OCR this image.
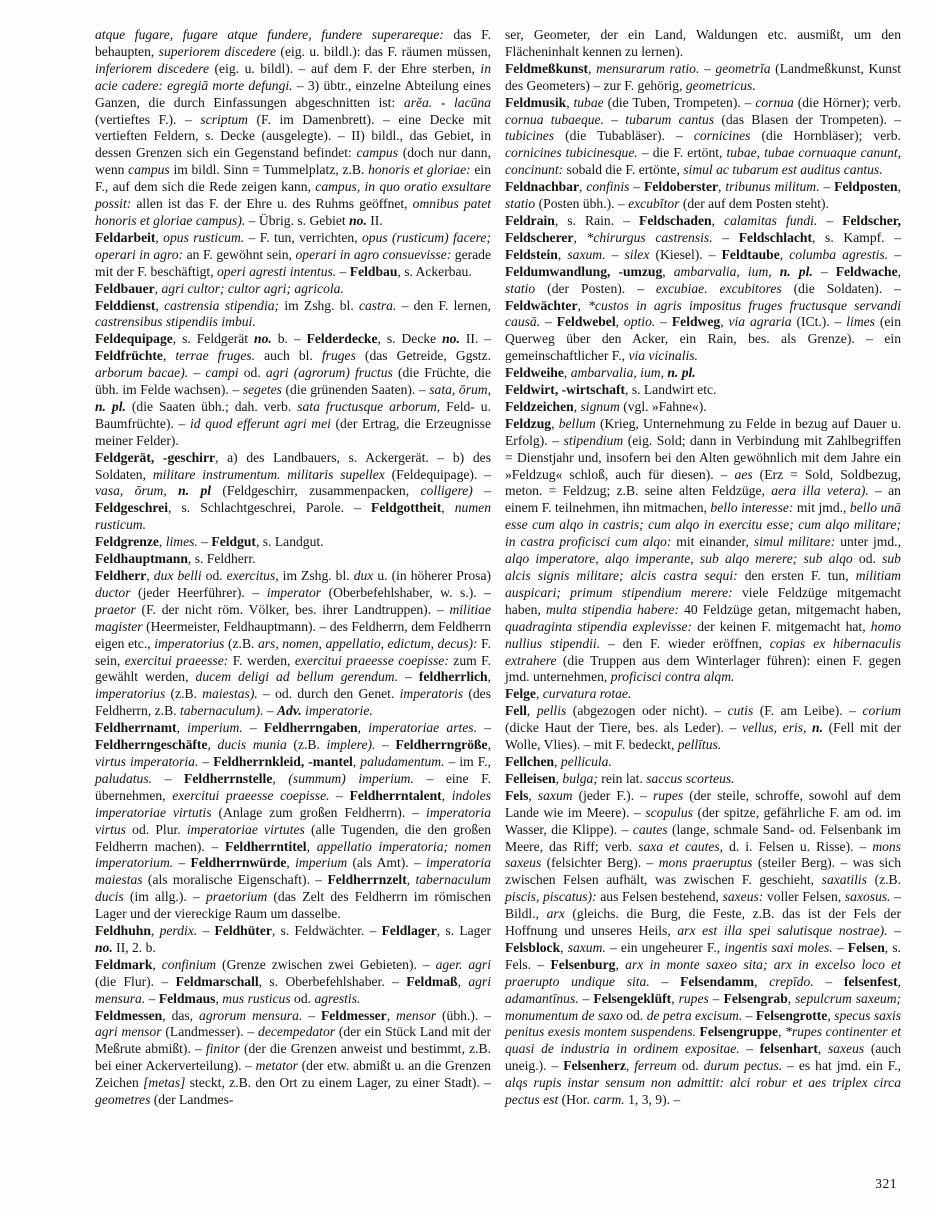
atque fugare, fugare atque fundere, fundere superareque: das F. behaupten, superiorem discedere (eig. u. bildl.): das F. räumen müssen, inferiorem discedere (eig. u. bildl). – auf dem F. der Ehre sterben, in acie cadere: egregiā morte defungi. – 3) übtr., einzelne Abteilung eines Ganzen, die durch Einfassungen abgeschnitten ist: arĕa. - lacūna (vertieftes F.). – scriptum (F. im Damenbrett). – eine Decke mit vertieften Feldern, s. Decke (ausgelegte). – II) bildl., das Gebiet, in dessen Grenzen sich ein Gegenstand befindet: campus (doch nur dann, wenn campus im bildl. Sinn = Tummelplatz, z.B. honoris et gloriae: ein F., auf dem sich die Rede zeigen kann, campus, in quo oratio exsultare possit: allen ist das F. der Ehre u. des Ruhms geöffnet, omnibus patet honoris et gloriae campus). – Übrig. s. Gebiet no. II.

Feldarbeit, opus rusticum. – F. tun, verrichten, opus (rusticum) facere; operari in agro: an F. gewöhnt sein, operari in agro consuevisse: gerade mit der F. beschäftigt, operi agresti intentus. – Feldbau, s. Ackerbau.

Feldbauer, agri cultor; cultor agri; agricola.

Felddienst, castrensia stipendia; im Zshg. bl. castra. – den F. lernen, castrensibus stipendiis imbui.

Feldequipage, s. Feldgerät no. b. – Felderdecke, s. Decke no. II. – Feldfrüchte, terrae fruges. auch bl. fruges (das Getreide, Ggstz. arborum bacae). – campi od. agri (agrorum) fructus (die Früchte, die übh. im Felde wachsen). – segetes (die grünenden Saaten). – sata, ōrum, n. pl. (die Saaten übh.; dah. verb. sata fructusque arborum, Feld- u. Baumfrüchte). – id quod efferunt agri mei (der Ertrag, die Erzeugnisse meiner Felder).

Feldgerät, -geschirr, a) des Landbauers, s. Ackergerät. – b) des Soldaten, militare instrumentum. militaris supellex (Feldequipage). – vasa, ōrum, n. pl (Feldgeschirr, zusammenpacken, colligere) – Feldgeschrei, s. Schlachtgeschrei, Parole. – Feldgottheit, numen rusticum.

Feldgrenze, limes. – Feldgut, s. Landgut.

Feldhauptmann, s. Feldherr.

Feldherr, dux belli od. exercitus, im Zshg. bl. dux u. (in höherer Prosa) ductor (jeder Heerführer). – imperator (Oberbefehlshaber, w. s.). – praetor (F. der nicht röm. Völker, bes. ihrer Landtruppen). – militiae magister (Heermeister, Feldhauptmann). – des Feldherrn, dem Feldherrn eigen etc., imperatorius (z.B. ars, nomen, appellatio, edictum, decus): F. sein, exercitui praeesse: F. werden, exercitui praeesse coepisse: zum F. gewählt werden, ducem deligi ad bellum gerendum. – feldherrlich, imperatorius (z.B. maiestas). – od. durch den Genet. imperatoris (des Feldherrn, z.B. tabernaculum). – Adv. imperatorie.

Feldherrnamt, imperium. – Feldherrngaben, imperatoriae artes. – Feldherrngeschäfte, ducis munia (z.B. implere). – Feldherrngröße, virtus imperatoria. – Feldherrnkleid, -mantel, paludamentum. – im F., paludatus. – Feldherrnstelle, (summum) imperium. – eine F. übernehmen, exercitui praeesse coepisse. – Feldherrntalent, indoles imperatoriae virtutis (Anlage zum großen Feldherrn). – imperatoria virtus od. Plur. imperatoriae virtutes (alle Tugenden, die den großen Feldherrn machen). – Feldherrntitel, appellatio imperatoria; nomen imperatorium. – Feldherrnwürde, imperium (als Amt). – imperatoria maiestas (als moralische Eigenschaft). – Feldherrnzelt, tabernaculum ducis (im allg.). – praetorium (das Zelt des Feldherrn im römischen Lager und der viereckige Raum um dasselbe.

Feldhuhn, perdix. – Feldhüter, s. Feldwächter. – Feldlager, s. Lager no. II, 2. b.

Feldmark, confinium (Grenze zwischen zwei Gebieten). – ager. agri (die Flur). – Feldmarschall, s. Oberbefehlshaber. – Feldmaß, agri mensura. – Feldmaus, mus rusticus od. agrestis.

Feldmessen, das, agrorum mensura. – Feldmesser, mensor (übh.). – agri mensor (Landmesser). – decempedator (der ein Stück Land mit der Meßrute abmißt). – finitor (der die Grenzen anweist und bestimmt, z.B. bei einer Ackerverteilung). – metator (der etw. abmißt u. an die Grenzen Zeichen [metas] steckt, z.B. den Ort zu einem Lager, zu einer Stadt). – geometres (der Landmes-

ser, Geometer, der ein Land, Waldungen etc. ausmißt, um den Flächeninhalt kennen zu lernen).

Feldmeßkunst, mensurarum ratio. – geometrĭa (Landmeßkunst, Kunst des Geometers) – zur F. gehörig, geometricus.

Feldmusik, tubae (die Tuben, Trompeten). – cornua (die Hörner); verb. cornua tubaeque. – tubarum cantus (das Blasen der Trompeten). – tubicines (die Tubabläser). – cornicines (die Hornbläser); verb. cornicines tubicinesque. – die F. ertönt, tubae, tubae cornuaque canunt, concinunt: sobald die F. ertönte, simul ac tubarum est auditus cantus.

Feldnachbar, confinis – Feldoberster, tribunus militum. – Feldposten, statio (Posten übh.). – excubĭtor (der auf dem Posten steht).

Feldrain, s. Rain. – Feldschaden, calamitas fundi. – Feldscher, Feldscherer, *chirurgus castrensis. – Feldschlacht, s. Kampf. – Feldstein, saxum. – silex (Kiesel). – Feldtaube, columba agrestis. – Feldumwandlung, -umzug, ambarvalia, ium, n. pl. – Feldwache, statio (der Posten). – excubiae. excubitores (die Soldaten). – Feldwächter, *custos in agris impositus fruges fructusque servandi causā. – Feldwebel, optio. – Feldweg, via agraria (ICt.). – limes (ein Querweg über den Acker, ein Rain, bes. als Grenze). – ein gemeinschaftlicher F., via vicinalis.

Feldweihe, ambarvalia, ium, n. pl.

Feldwirt, -wirtschaft, s. Landwirt etc.

Feldzeichen, signum (vgl. »Fahne«).

Feldzug, bellum (Krieg, Unternehmung zu Felde in bezug auf Dauer u. Erfolg). – stipendium (eig. Sold; dann in Verbindung mit Zahlbegriffen = Dienstjahr und, insofern bei den Alten gewöhnlich mit dem Jahre ein »Feldzug« schloß, auch für diesen). – aes (Erz = Sold, Soldbezug, meton. = Feldzug; z.B. seine alten Feldzüge, aera illa vetera). – an einem F. teilnehmen, ihn mitmachen, bello interesse: mit jmd., bello unā esse cum alqo in castris; cum alqo in exercitu esse; cum alqo militare; in castra proficisci cum alqo: mit einander, simul militare: unter jmd., alqo imperatore, alqo imperante, sub alqo merere; sub alqo od. sub alcis signis militare; alcis castra sequi: den ersten F. tun, militiam auspicari; primum stipendium merere: viele Feldzüge mitgemacht haben, multa stipendia habere: 40 Feldzüge getan, mitgemacht haben, quadraginta stipendia explevisse: der keinen F. mitgemacht hat, homo nullius stipendii. – den F. wieder eröffnen, copias ex hibernaculis extrahere (die Truppen aus dem Winterlager führen): einen F. gegen jmd. unternehmen, proficisci contra alqm.

Felge, curvatura rotae.

Fell, pellis (abgezogen oder nicht). – cutis (F. am Leibe). – corium (dicke Haut der Tiere, bes. als Leder). – vellus, eris, n. (Fell mit der Wolle, Vlies). – mit F. bedeckt, pellītus.

Fellchen, pellicula.

Felleisen, bulga; rein lat. saccus scorteus.

Fels, saxum (jeder F.). – rupes (der steile, schroffe, sowohl auf dem Lande wie im Meere). – scopulus (der spitze, gefährliche F. am od. im Wasser, die Klippe). – cautes (lange, schmale Sand- od. Felsenbank im Meere, das Riff; verb. saxa et cautes, d. i. Felsen u. Risse). – mons saxeus (felsichter Berg). – mons praeruptus (steiler Berg). – was sich zwischen Felsen aufhält, was zwischen F. geschieht, saxatilis (z.B. piscis, piscatus): aus Felsen bestehend, saxeus: voller Felsen, saxosus. – Bildl., arx (gleichs. die Burg, die Feste, z.B. das ist der Fels der Hoffnung und unseres Heils, arx est illa spei salutisque nostrae). – Felsblock, saxum. – ein ungeheurer F., ingentis saxi moles. – Felsen, s. Fels. – Felsenburg, arx in monte saxeo sita; arx in excelso loco et praerupto undique sita. – Felsendamm, crepīdo. – felsenfest, adamantīnus. – Felsengeklüft, rupes – Felsengrab, sepulcrum saxeum; monumentum de saxo od. de petra excisum. – Felsengrotte, specus saxis penitus exesis montem suspendens. Felsengruppe, *rupes continenter et quasi de industria in ordinem expositae. – felsenhart, saxeus (auch uneig.). – Felsenherz, ferreum od. durum pectus. – es hat jmd. ein F., alqs rupis instar sensum non admittit: alci robur et aes triplex circa pectus est (Hor. carm. 1, 3, 9). –

321
